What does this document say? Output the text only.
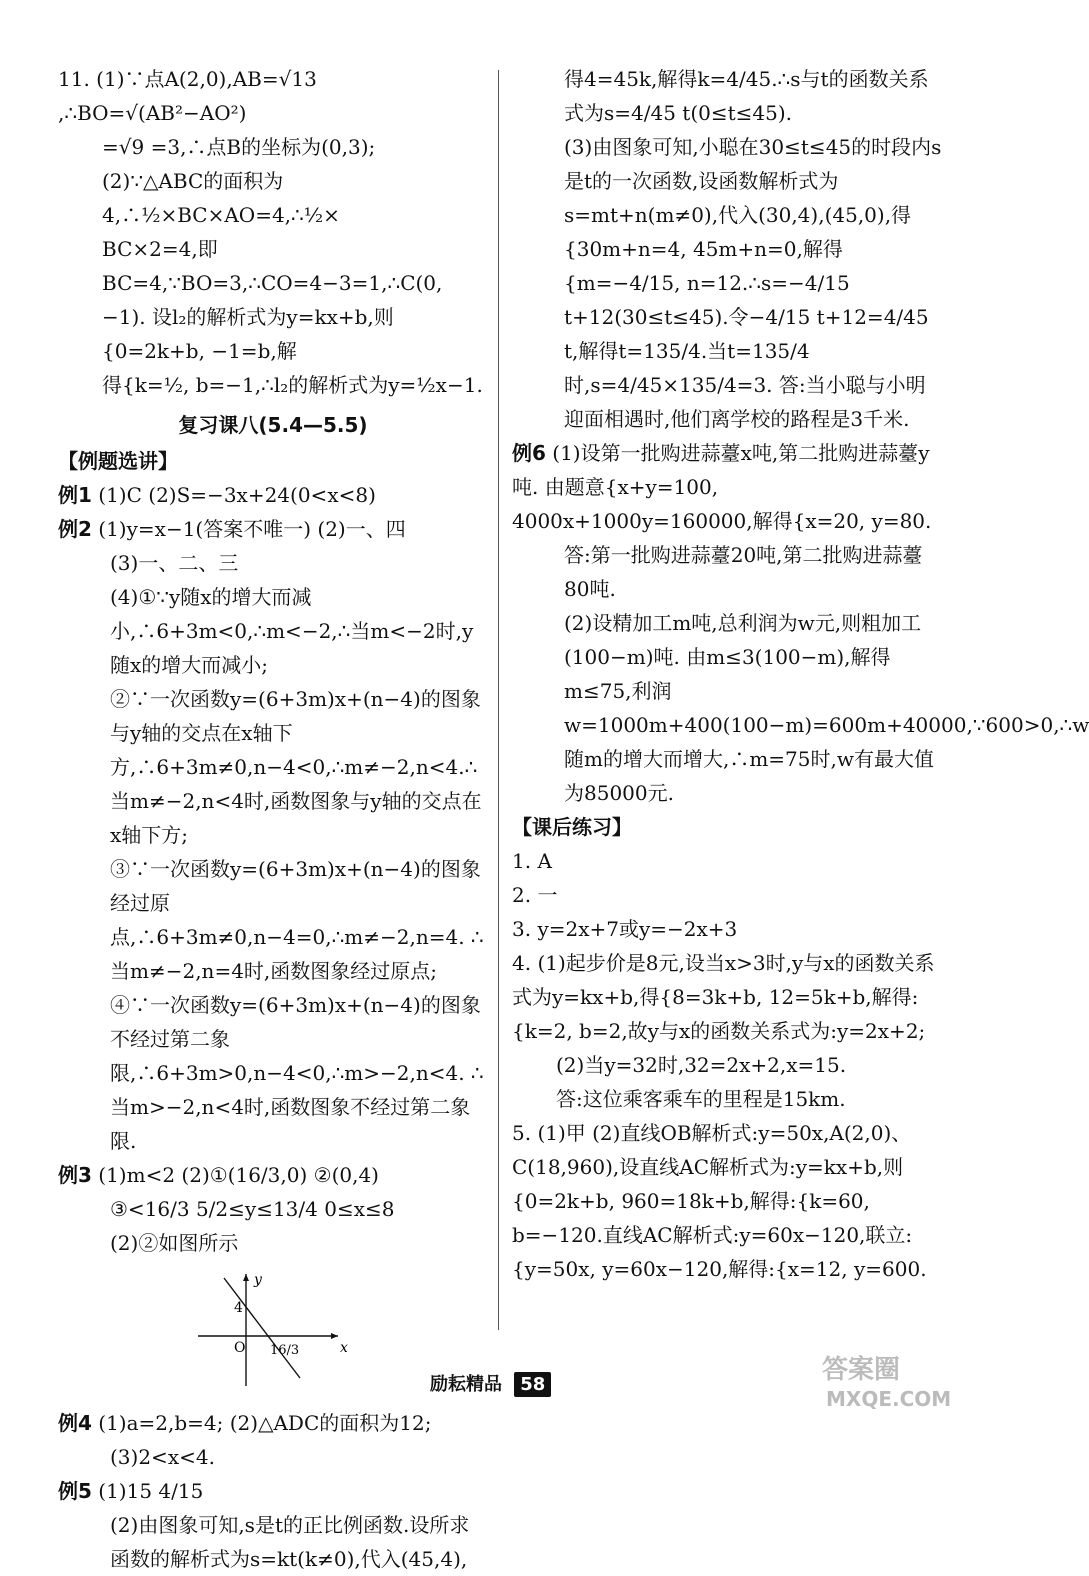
11. (1)∵点A(2,0),AB=√13 ,∴BO=√(AB²−AO²)
=√9 =3,∴点B的坐标为(0,3);
(2)∵△ABC的面积为4,∴½×BC×AO=4,∴½×
BC×2=4,即BC=4,∵BO=3,∴CO=4−3=1,∴C(0,
−1). 设l₂的解析式为y=kx+b,则{0=2k+b, −1=b,解
得{k=½, b=−1,∴l₂的解析式为y=½x−1.
复习课八(5.4—5.5)
【例题选讲】
例1 (1)C (2)S=−3x+24(0<x<8)
例2 (1)y=x−1(答案不唯一) (2)一、四
(3)一、二、三
(4)①∵y随x的增大而减小,∴6+3m<0,∴m<−2,∴当m<−2时,y随x的增大而减小;
②∵一次函数y=(6+3m)x+(n−4)的图象与y轴的交点在x轴下方,∴6+3m≠0,n−4<0,∴m≠−2,n<4.∴当m≠−2,n<4时,函数图象与y轴的交点在x轴下方;
③∵一次函数y=(6+3m)x+(n−4)的图象经过原点,∴6+3m≠0,n−4=0,∴m≠−2,n=4. ∴当m≠−2,n=4时,函数图象经过原点;
④∵一次函数y=(6+3m)x+(n−4)的图象不经过第二象限,∴6+3m>0,n−4<0,∴m>−2,n<4. ∴当m>−2,n<4时,函数图象不经过第二象限.
例3 (1)m<2 (2)①(16/3,0) ②(0,4)
③<16/3 5/2≤y≤13/4 0≤x≤8
(2)②如图所示
y
x
O
4
16/3
例4 (1)a=2,b=4; (2)△ADC的面积为12;
(3)2<x<4.
例5 (1)15 4/15
(2)由图象可知,s是t的正比例函数.设所求函数的解析式为s=kt(k≠0),代入(45,4),
得4=45k,解得k=4/45.∴s与t的函数关系式为s=4/45 t(0≤t≤45).
(3)由图象可知,小聪在30≤t≤45的时段内s是t的一次函数,设函数解析式为s=mt+n(m≠0),代入(30,4),(45,0),得{30m+n=4, 45m+n=0,解得{m=−4/15, n=12.∴s=−4/15 t+12(30≤t≤45).令−4/15 t+12=4/45 t,解得t=135/4.当t=135/4时,s=4/45×135/4=3. 答:当小聪与小明迎面相遇时,他们离学校的路程是3千米.
例6 (1)设第一批购进蒜薹x吨,第二批购进蒜薹y吨. 由题意{x+y=100, 4000x+1000y=160000,解得{x=20, y=80.
答:第一批购进蒜薹20吨,第二批购进蒜薹80吨.
(2)设精加工m吨,总利润为w元,则粗加工(100−m)吨. 由m≤3(100−m),解得m≤75,利润w=1000m+400(100−m)=600m+40000,∵600>0,∴w随m的增大而增大,∴m=75时,w有最大值为85000元.
【课后练习】
1. A
2. 一
3. y=2x+7或y=−2x+3
4. (1)起步价是8元,设当x>3时,y与x的函数关系式为y=kx+b,得{8=3k+b, 12=5k+b,解得:{k=2, b=2,故y与x的函数关系式为:y=2x+2;
(2)当y=32时,32=2x+2,x=15.
答:这位乘客乘车的里程是15km.
5. (1)甲 (2)直线OB解析式:y=50x,A(2,0)、C(18,960),设直线AC解析式为:y=kx+b,则{0=2k+b, 960=18k+b,解得:{k=60, b=−120.直线AC解析式:y=60x−120,联立:{y=50x, y=60x−120,解得:{x=12, y=600.
励耘精品 58	答案圈
MXQE.COM
